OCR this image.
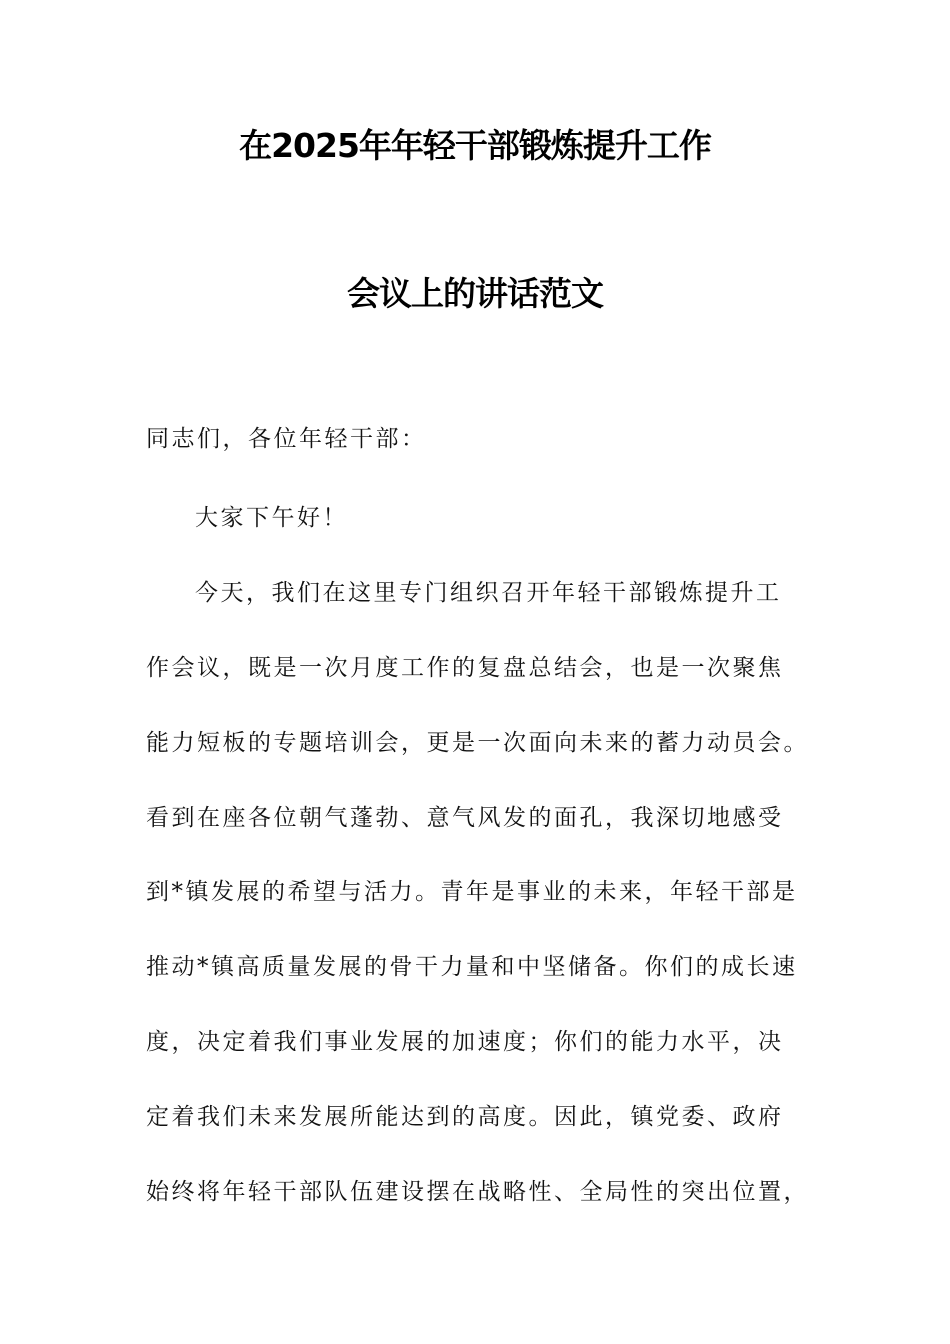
在2025年年轻干部锻炼提升工作
会议上的讲话范文
同志们，各位年轻干部：
大家下午好！
今天，我们在这里专门组织召开年轻干部锻炼提升工
作会议，既是一次月度工作的复盘总结会，也是一次聚焦
能力短板的专题培训会，更是一次面向未来的蓄力动员会。
看到在座各位朝气蓬勃、意气风发的面孔，我深切地感受
到*镇发展的希望与活力。青年是事业的未来，年轻干部是
推动*镇高质量发展的骨干力量和中坚储备。你们的成长速
度，决定着我们事业发展的加速度；你们的能力水平，决
定着我们未来发展所能达到的高度。因此，镇党委、政府
始终将年轻干部队伍建设摆在战略性、全局性的突出位置，
